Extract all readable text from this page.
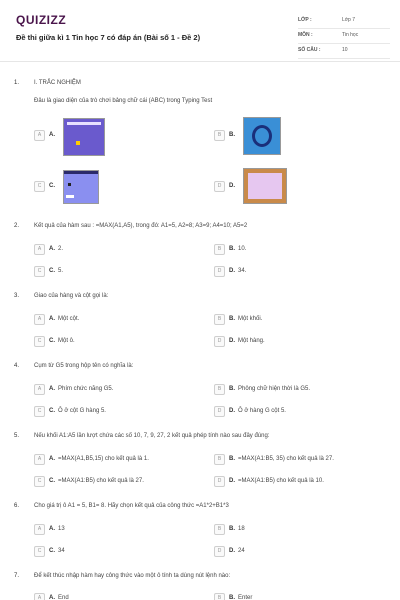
QUIZIZZ
Đề thi giữa kì 1 Tin học 7 có đáp án (Bài số 1 - Đề 2)
LỚP :	Lớp 7
MÔN :	Tin học
SỐ CÂU :	10
1. I. TRẮC NGHIỆM
Đâu là giao diện của trò chơi bảng chữ cái (ABC) trong Typing Test
A	A.	B	B.
C	C.	D	D.
2. Kết quả của hàm sau : =MAX(A1,A5), trong đó: A1=5, A2=8; A3=9; A4=10; A5=2
A	A. 2.	B	B. 10.
C	C. 5.	D	D. 34.
3. Giao của hàng và cột gọi là:
A	A. Một cột.	B	B. Một khối.
C	C. Một ô.	D	D. Một hàng.
4. Cụm từ G5 trong hộp tên có nghĩa là:
A	A. Phím chức năng G5.	B	B. Phông chữ hiện thời là G5.
C	C. Ô ở cột G hàng 5.	D	D. Ô ở hàng G cột 5.
5. Nếu khối A1:A5 lần lượt chứa các số 10, 7, 9, 27, 2 kết quả phép tính nào sau đây đúng:
A	A. =MAX(A1,B5,15) cho kết quả là 1.	B	B. =MAX(A1:B5, 35) cho kết quả là 27.
C	C. =MAX(A1:B5) cho kết quả là 27.	D	D. =MAX(A1:B5) cho kết quả là 10.
6. Cho giá trị ô A1 = 5, B1= 8. Hãy chọn kết quả của công thức =A1*2+B1*3
A	A. 13	B	B. 18
C	C. 34	D	D. 24
7. Để kết thúc nhập hàm hay công thức vào một ô tính ta dùng nút lệnh nào:
A	A. End	B	B. Enter
